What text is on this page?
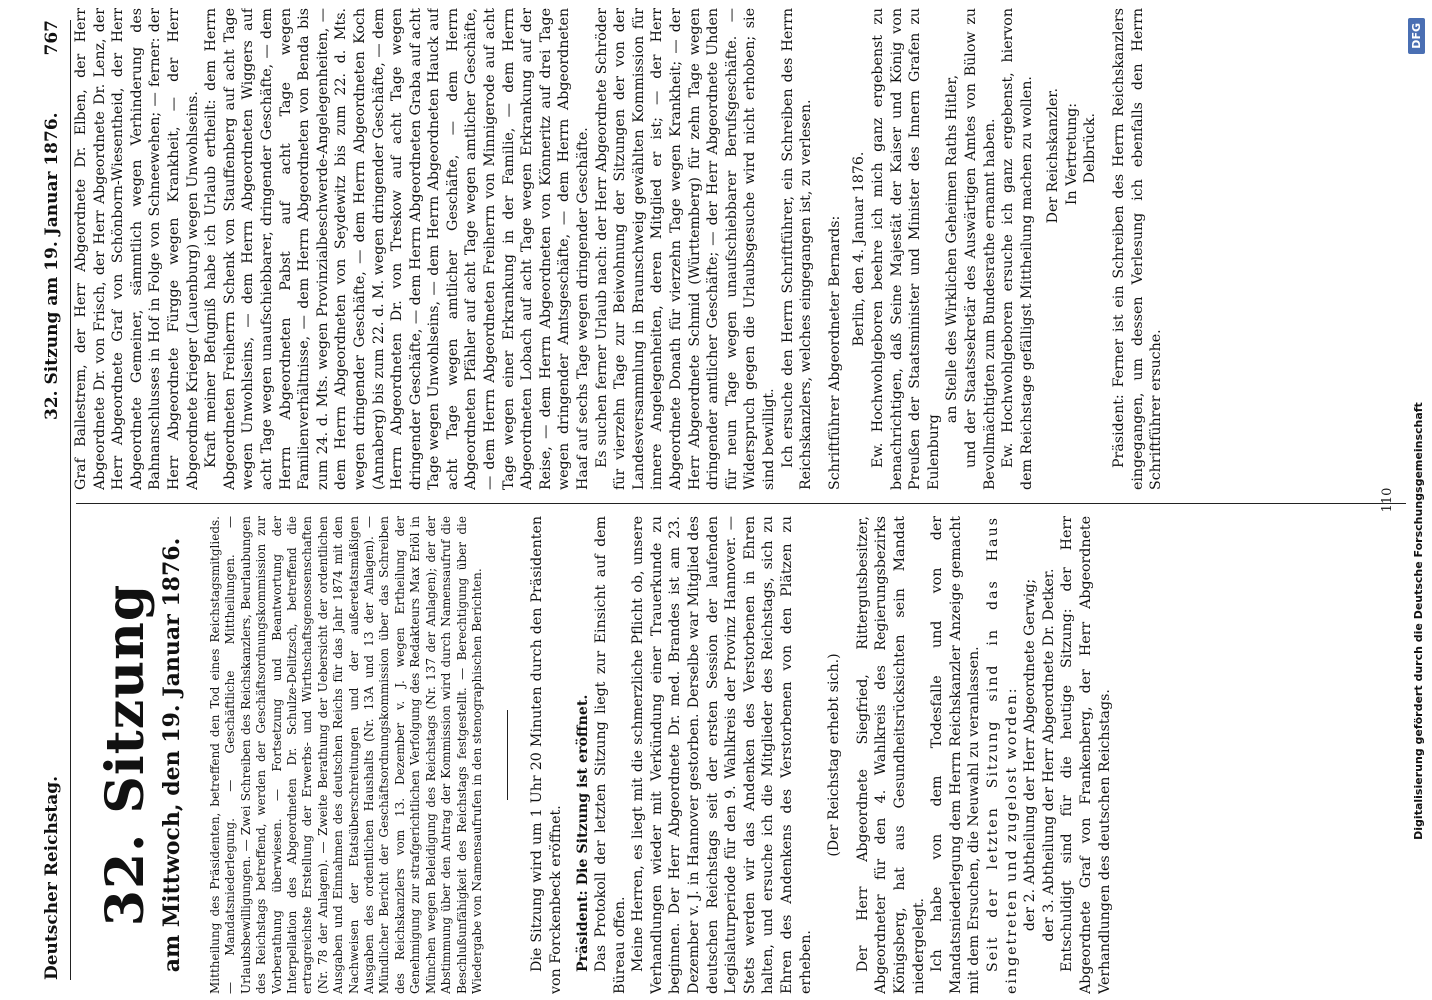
Deutscher Reichstag.
32. Sitzung am 19. Januar 1876.
767
32. Sitzung am Mittwoch, den 19. Januar 1876. Mittheilung des Präsidenten, betreffend den Tod eines Reichstagsmitglieds. — Mandatsniederlegung. — Geschäftliche Mittheilungen. — Urlaubsbewilligungen. — Zwei Schreiben des Reichskanzlers, Beurlaubungen des Reichstags betreffend, werden der Geschäftsordnungskommission zur Vorberathung überwiesen. — Fortsetzung und Beantwortung der Interpellation des Abgeordneten Dr. Schulze-Delitzsch, betreffend die ertragreichste Erstellung der Erwerbs- und Wirthschaftsgenossenschaften (Nr. 78 der Anlagen). — Zweite Berathung der Uebersicht der ordentlichen Ausgaben und Einnahmen des deutschen Reichs für das Jahr 1874 mit den Nachweisen der Etatsüberschreitungen und der außeretatsmäßigen Ausgaben des ordentlichen Haushalts (Nr. 13A und 13 der Anlagen). — Mündlicher Bericht der Geschäftsordnungskommission über das Schreiben des Reichskanzlers vom 13. Dezember v. J. wegen Ertheilung der Genehmigung zur strafgerichtlichen Verfolgung des Redakteurs Max Erlöl in München wegen Beleidigung des Reichstags (Nr. 137 der Anlagen); der der Abstimmung über den Antrag der Kommission wird durch Namensaufruf die Beschlußunfähigkeit des Reichstags festgestellt. — Berechtigung über die Wiedergabe von Namensaufrufen in den stenographischen Berichten.	Die Sitzung wird um 1 Uhr 20 Minuten durch den Präsidenten von Forckenbeck eröffnet. Präsident: Die Sitzung ist eröffnet. Das Protokoll der letzten Sitzung liegt zur Einsicht auf dem Büreau offen. Meine Herren, es liegt mit die schmerzliche Pflicht ob, unsere Verhandlungen wieder mit Verkündung einer Trauerkunde zu beginnen. Der Herr Abgeordnete Dr. med. Brandes ist am 23. Dezember v. J. in Hannover gestorben. Derselbe war Mitglied des deutschen Reichstags seit der ersten Session der laufenden Legislaturperiode für den 9. Wahlkreis der Provinz Hannover. — Stets werden wir das Andenken des Verstorbenen in Ehren halten, und ersuche ich die Mitglieder des Reichstags, sich zu Ehren des Andenkens des Verstorbenen von den Plätzen zu erheben.

(Der Reichstag erhebt sich.) Der Herr Abgeordnete Siegfried, Rittergutsbesitzer, Abgeordneter für den 4. Wahlkreis des Regierungsbezirks Königsberg, hat aus Gesundheitsrücksichten sein Mandat niedergelegt. Ich habe von dem Todesfalle und von der Mandatsniederlegung dem Herrn Reichskanzler Anzeige gemacht mit dem Ersuchen, die Neuwahl zu veranlassen. Seit der letzten Sitzung sind in das Haus eingetreten und zugelost worden: der 2. Abtheilung der Herr Abgeordnete Gerwig; der 3. Abtheilung der Herr Abgeordnete Dr. Detker. Entschuldigt sind für die heutige Sitzung: der Herr Abgeordnete Graf von Frankenberg, der Herr Abgeordnete Verhandlungen des deutschen Reichstags.

Graf Ballestrem, der Herr Abgeordnete Dr. Elben, der Herr Abgeordnete Dr. von Frisch, der Herr Abgeordnete Dr. Lenz, der Herr Abgeordnete Graf von Schönborn-Wiesentheid, der Herr Abgeordnete Gemeiner, sämmtlich wegen Verhinderung des Bahnanschlusses in Hof in Folge von Schneewehen; — ferner: der Herr Abgeordnete Fürgge wegen Krankheit, — der Herr Abgeordnete Krieger (Lauenburg) wegen Unwohlseins. Kraft meiner Befugniß habe ich Urlaub ertheilt: dem Herrn Abgeordneten Freiherrn Schenk von Stauffenberg auf acht Tage wegen Unwohlseins, — dem Herrn Abgeordneten Wiggers auf acht Tage wegen unaufschiebbarer, dringender Geschäfte, — dem Herrn Abgeordneten Pabst auf acht Tage wegen Familienverhältnisse, — dem Herrn Abgeordneten von Benda bis zum 24. d. Mts. wegen Provinzialbeschwerde-Angelegenheiten, — dem Herrn Abgeordneten von Seydewitz bis zum 22. d. Mts. wegen dringender Geschäfte, — dem Herrn Abgeordneten Koch (Annaberg) bis zum 22. d. M. wegen dringender Geschäfte, — dem Herrn Abgeordneten Dr. von Treskow auf acht Tage wegen dringender Geschäfte, — dem Herrn Abgeordneten Graba auf acht Tage wegen Unwohlseins, — dem Herrn Abgeordneten Hauck auf acht Tage wegen amtlicher Geschäfte, — dem Herrn Abgeordneten Pfähler auf acht Tage wegen amtlicher Geschäfte, — dem Herrn Abgeordneten Freiherrn von Minnigerode auf acht Tage wegen einer Erkrankung in der Familie, — dem Herrn Abgeordneten Lobach auf acht Tage wegen Erkrankung auf der Reise, — dem Herrn Abgeordneten von Könneritz auf drei Tage wegen dringender Amtsgeschäfte, — dem Herrn Abgeordneten Haaf auf sechs Tage wegen dringender Geschäfte. Es suchen ferner Urlaub nach: der Herr Abgeordnete Schröder für vierzehn Tage zur Beiwohnung der Sitzungen der von der Landesversammlung in Braunschweig gewählten Kommission für innere Angelegenheiten, deren Mitglied er ist; — der Herr Abgeordnete Donath für vierzehn Tage wegen Krankheit; — der Herr Abgeordnete Schmid (Württemberg) für zehn Tage wegen dringender amtlicher Geschäfte; — der Herr Abgeordnete Uhden für neun Tage wegen unaufschiebbarer Berufsgeschäfte. — Widerspruch gegen die Urlaubsgesuche wird nicht erhoben; sie sind bewilligt. Ich ersuche den Herrn Schriftführer, ein Schreiben des Herrn Reichskanzlers, welches eingegangen ist, zu verlesen. Schriftführer Abgeordneter Bernards: Berlin, den 4. Januar 1876. Ew. Hochwohlgeboren beehre ich mich ganz ergebenst zu benachrichtigen, daß Seine Majestät der Kaiser und König von Preußen der Staatsminister und Minister des Innern Grafen zu Eulenburg

an Stelle des Wirklichen Geheimen Raths Hitler, und der Staatssekretär des Auswärtigen Amtes von Bülow zu Bevollmächtigten zum Bundesrathe ernannt haben. Ew. Hochwohlgeboren ersuche ich ganz ergebenst, hiervon dem Reichstage gefälligst Mittheilung machen zu wollen. Der Reichskanzler. In Vertretung: Delbrück. Präsident: Ferner ist ein Schreiben des Herrn Reichskanzlers eingegangen, um dessen Verlesung ich ebenfalls den Herrn Schriftführer ersuche.

110 Digitalisierung gefördert durch die Deutsche Forschungsgemeinschaft
DFG
